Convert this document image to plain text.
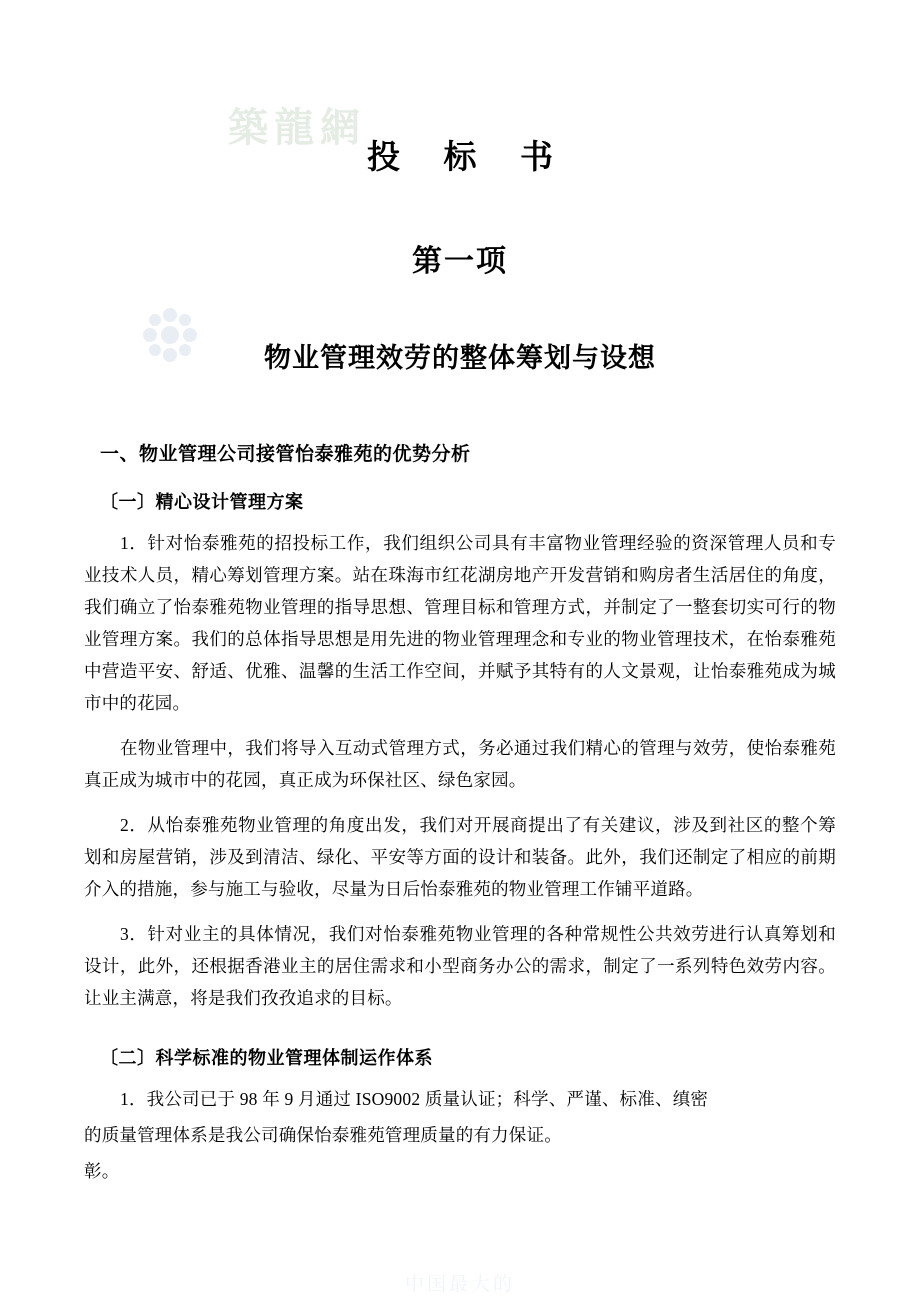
築龍網
投 标 书
第一项
物业管理效劳的整体筹划与设想
一、物业管理公司接管怡泰雅苑的优势分析
〔一〕精心设计管理方案

1．针对怡泰雅苑的招投标工作，我们组织公司具有丰富物业管理经验的资深管理人员和专业技术人员，精心筹划管理方案。站在珠海市红花湖房地产开发营销和购房者生活居住的角度，我们确立了怡泰雅苑物业管理的指导思想、管理目标和管理方式，并制定了一整套切实可行的物业管理方案。我们的总体指导思想是用先进的物业管理理念和专业的物业管理技术，在怡泰雅苑中营造平安、舒适、优雅、温馨的生活工作空间，并赋予其特有的人文景观，让怡泰雅苑成为城市中的花园。

在物业管理中，我们将导入互动式管理方式，务必通过我们精心的管理与效劳，使怡泰雅苑真正成为城市中的花园，真正成为环保社区、绿色家园。

2．从怡泰雅苑物业管理的角度出发，我们对开展商提出了有关建议，涉及到社区的整个筹划和房屋营销，涉及到清洁、绿化、平安等方面的设计和装备。此外，我们还制定了相应的前期介入的措施，参与施工与验收，尽量为日后怡泰雅苑的物业管理工作铺平道路。

3．针对业主的具体情况，我们对怡泰雅苑物业管理的各种常规性公共效劳进行认真筹划和设计，此外，还根据香港业主的居住需求和小型商务办公的需求，制定了一系列特色效劳内容。让业主满意，将是我们孜孜追求的目标。

〔二〕科学标准的物业管理体制运作体系

1．我公司已于 98 年 9 月通过 ISO9002 质量认证；科学、严谨、标准、缜密

的质量管理体系是我公司确保怡泰雅苑管理质量的有力保证。

彰。

中国最大的
